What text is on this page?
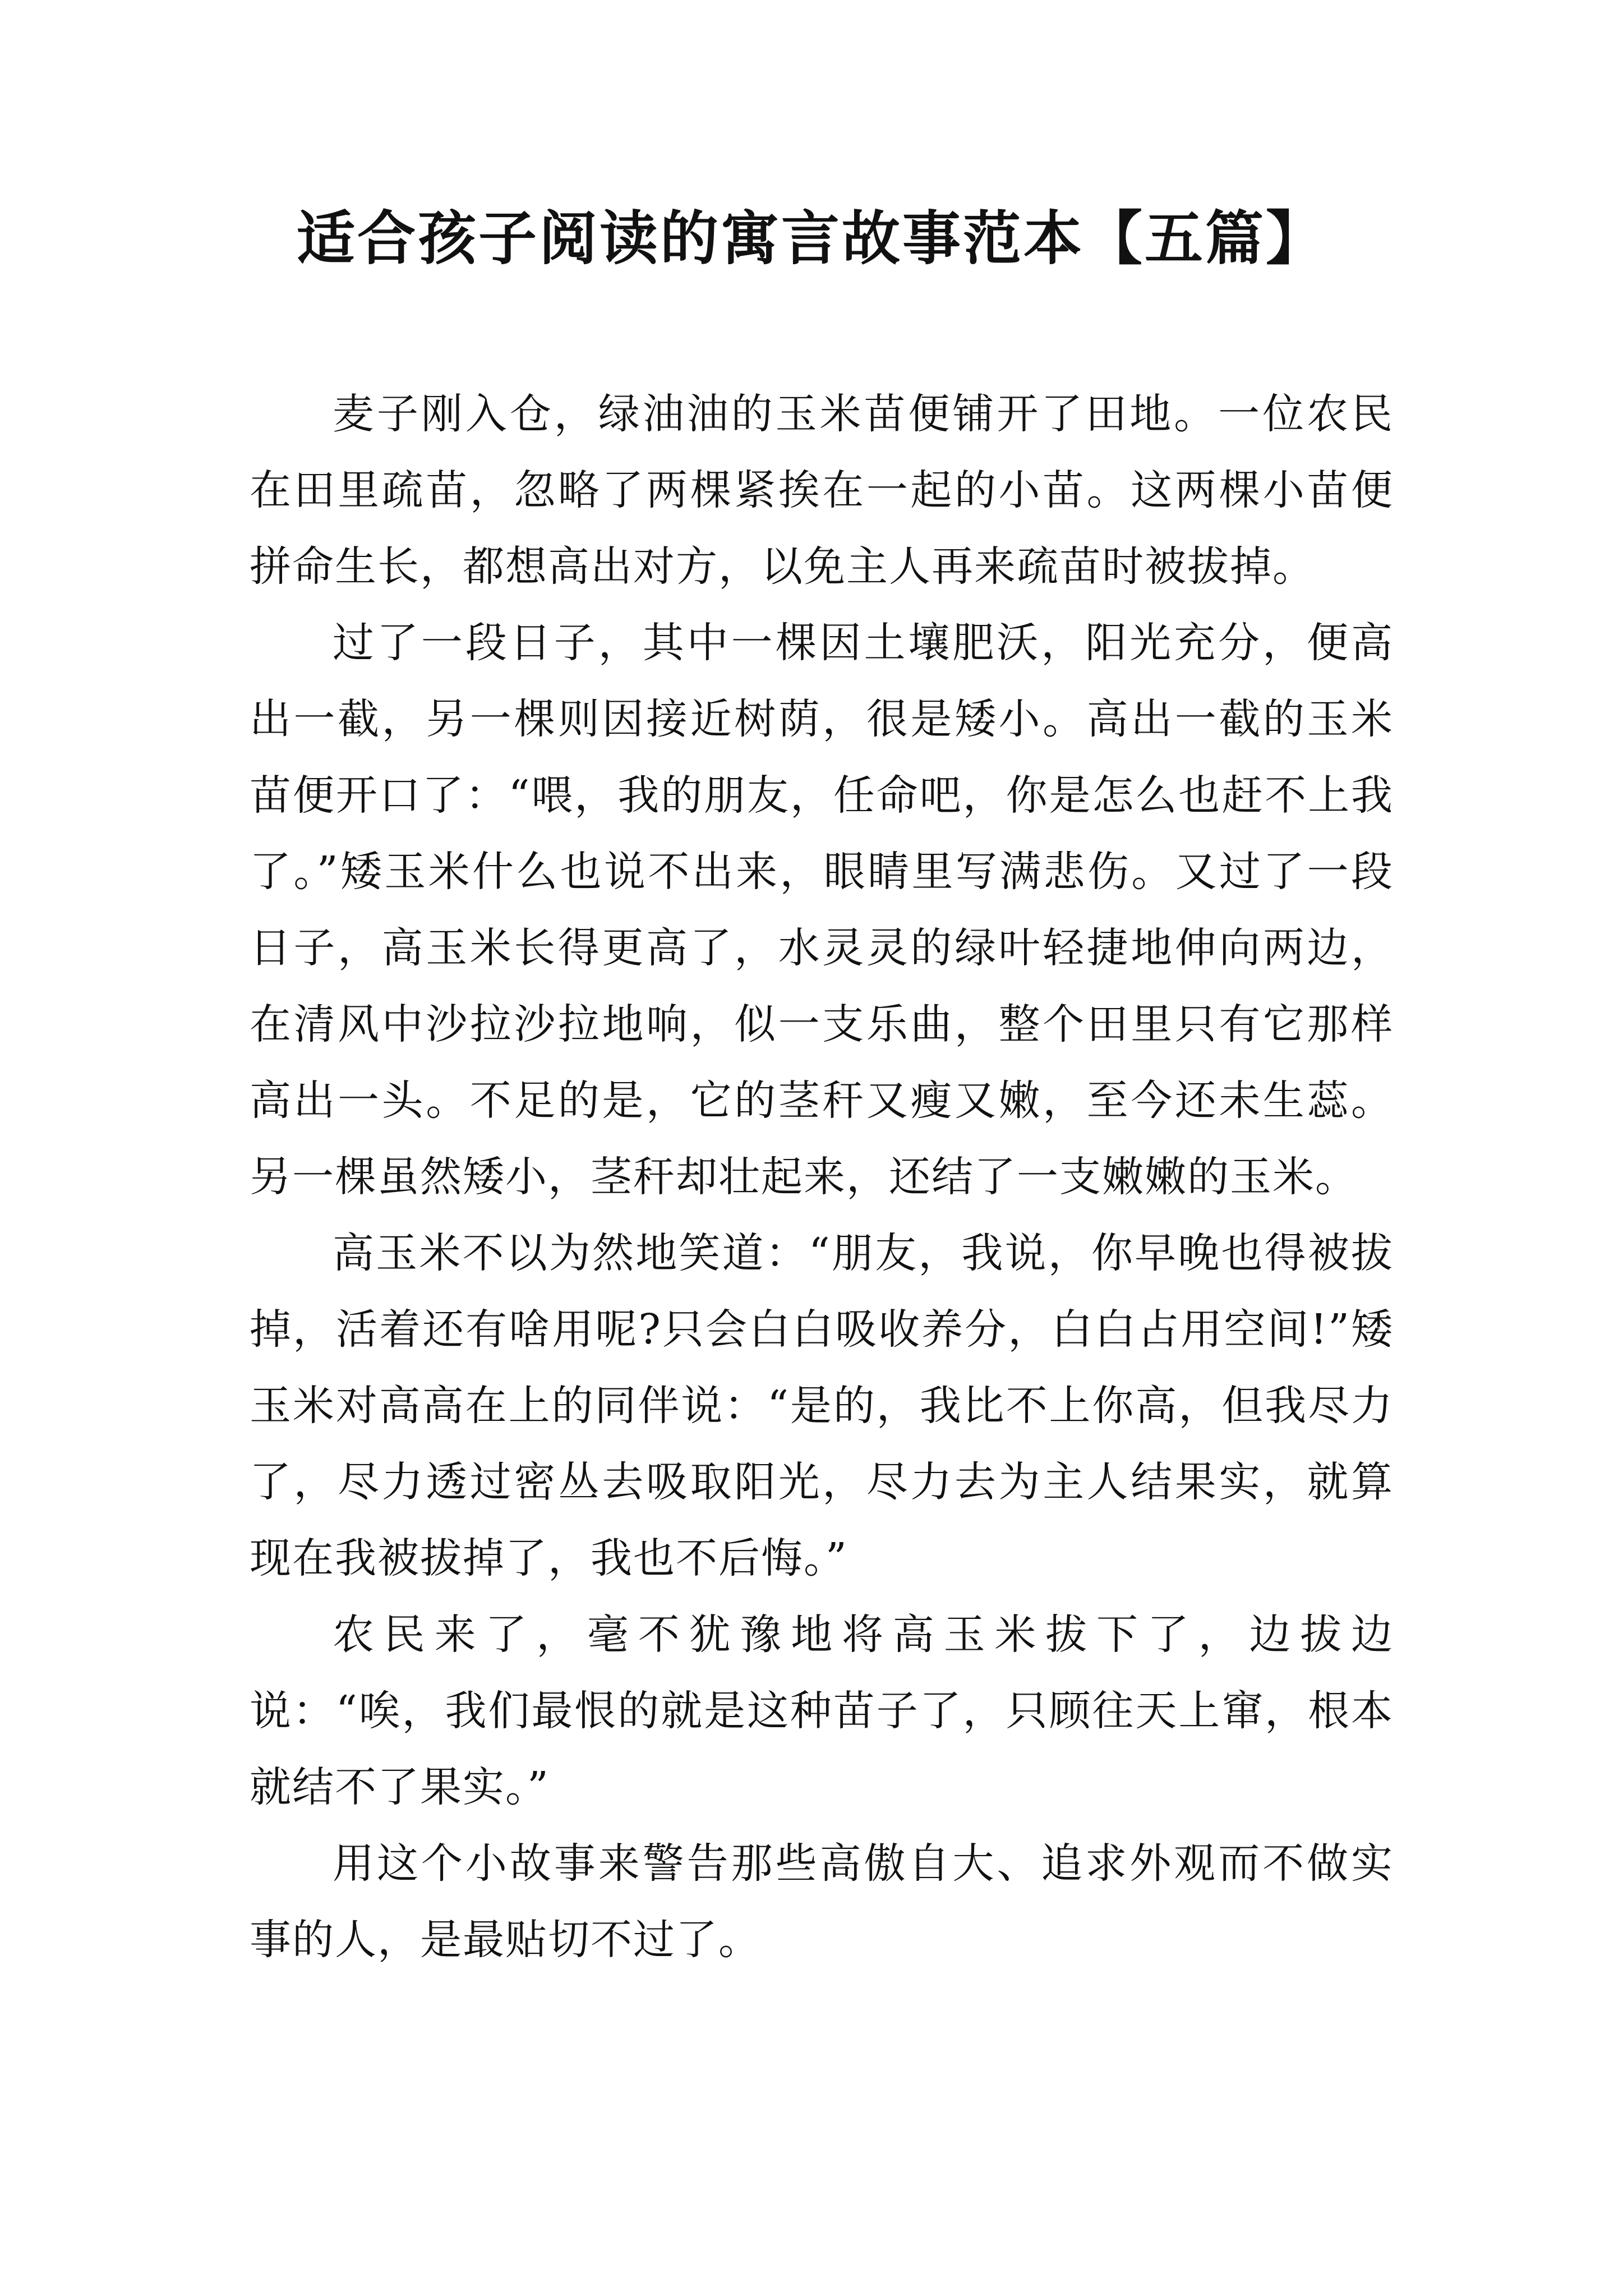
适合孩子阅读的寓言故事范本【五篇】

麦子刚入仓，绿油油的玉米苗便铺开了田地。一位农民在田里疏苗，忽略了两棵紧挨在一起的小苗。这两棵小苗便拼命生长，都想高出对方，以免主人再来疏苗时被拔掉。

过了一段日子，其中一棵因土壤肥沃，阳光充分，便高出一截，另一棵则因接近树荫，很是矮小。高出一截的玉米苗便开口了：“喂，我的朋友，任命吧，你是怎么也赶不上我了。”矮玉米什么也说不出来，眼睛里写满悲伤。又过了一段日子，高玉米长得更高了，水灵灵的绿叶轻捷地伸向两边，在清风中沙拉沙拉地响，似一支乐曲，整个田里只有它那样高出一头。不足的是，它的茎秆又瘦又嫩，至今还未生蕊。另一棵虽然矮小，茎秆却壮起来，还结了一支嫩嫩的玉米。

高玉米不以为然地笑道：“朋友，我说，你早晚也得被拔掉，活着还有啥用呢?只会白白吸收养分，白白占用空间!”矮玉米对高高在上的同伴说：“是的，我比不上你高，但我尽力了，尽力透过密丛去吸取阳光，尽力去为主人结果实，就算现在我被拔掉了，我也不后悔。”

农民来了，毫不犹豫地将高玉米拔下了，边拔边说：“唉，我们最恨的就是这种苗子了，只顾往天上窜，根本就结不了果实。”

用这个小故事来警告那些高傲自大、追求外观而不做实事的人，是最贴切不过了。
